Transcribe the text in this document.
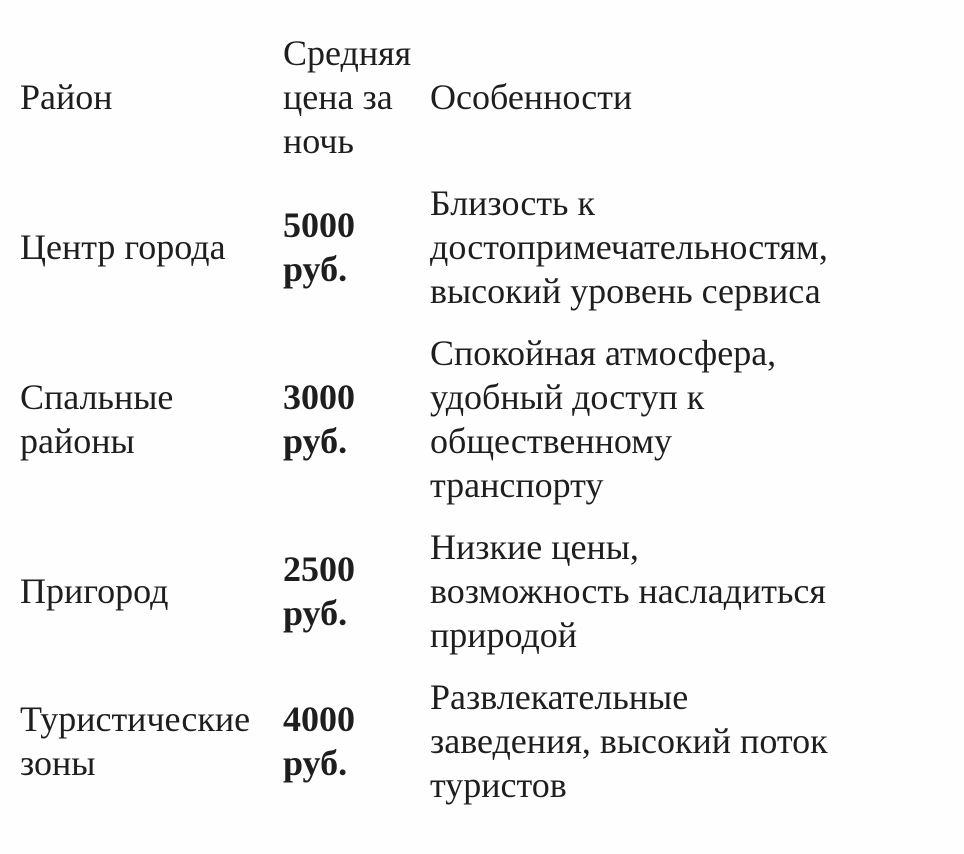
Район	Средняя цена за ночь	Особенности
Центр города	5000 руб.	Близость к достопримечательностям, высокий уровень сервиса
Спальные районы	3000 руб.	Спокойная атмосфера, удобный доступ к общественному транспорту
Пригород	2500 руб.	Низкие цены, возможность насладиться природой
Туристические зоны	4000 руб.	Развлекательные заведения, высокий поток туристов
